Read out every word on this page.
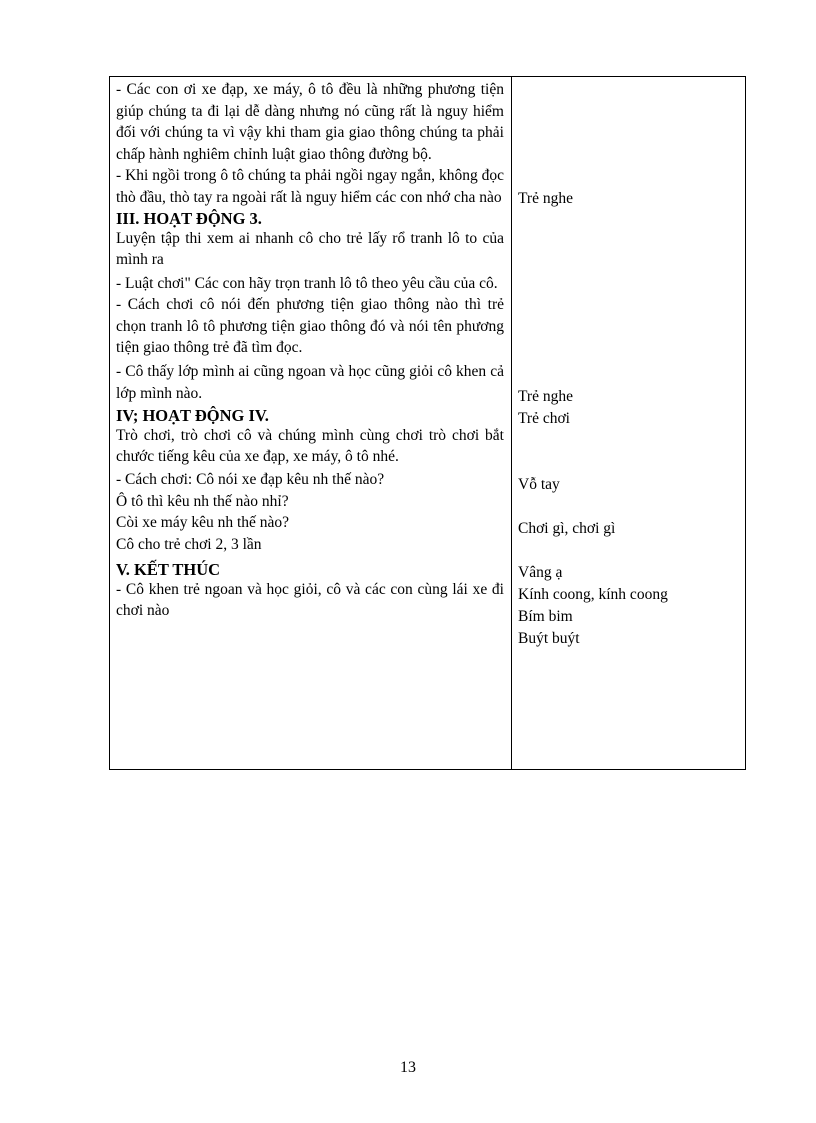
- Các con ơi xe đạp, xe máy, ô tô đều là những phương tiện giúp chúng ta đi lại dễ dàng nhưng nó cũng rất là nguy hiểm đối với chúng ta vì vậy khi tham gia giao thông chúng ta phải chấp hành nghiêm chỉnh luật giao thông đường bộ.

- Khi ngồi trong ô tô chúng ta phải ngồi ngay ngắn, không đọc thò đầu, thò tay ra ngoài rất là nguy hiểm các con nhớ cha nào

III. HOẠT ĐỘNG 3.

Luyện tập thi xem ai nhanh cô cho trẻ lấy rổ tranh lô to của mình ra

- Luật chơi" Các con hãy trọn tranh lô tô theo yêu cầu của cô.

- Cách chơi cô nói đến phương tiện giao thông nào thì trẻ chọn tranh lô tô phương tiện giao thông đó và nói tên phương tiện giao thông trẻ đã tìm đọc.

- Cô thấy lớp mình ai cũng ngoan và học cũng giỏi cô khen cả lớp mình nào.

IV; HOẠT ĐỘNG IV.

Trò chơi, trò chơi cô và chúng mình cùng chơi trò chơi bắt chước tiếng kêu của xe đạp, xe máy, ô tô nhé.

- Cách chơi: Cô nói xe đạp kêu nh thế nào?

Ô tô thì kêu nh thế nào nhỉ?

Còi xe máy kêu nh thế nào?

Cô cho trẻ chơi 2, 3 lần

V. KẾT THÚC

- Cô khen trẻ ngoan và học giỏi, cô và các con cùng lái xe đi chơi nào

Trẻ nghe
Trẻ nghe
Trẻ chơi
Vỗ tay
Chơi gì, chơi gì
Vâng ạ
Kính coong, kính coong
Bím bim
Buýt buýt
13
